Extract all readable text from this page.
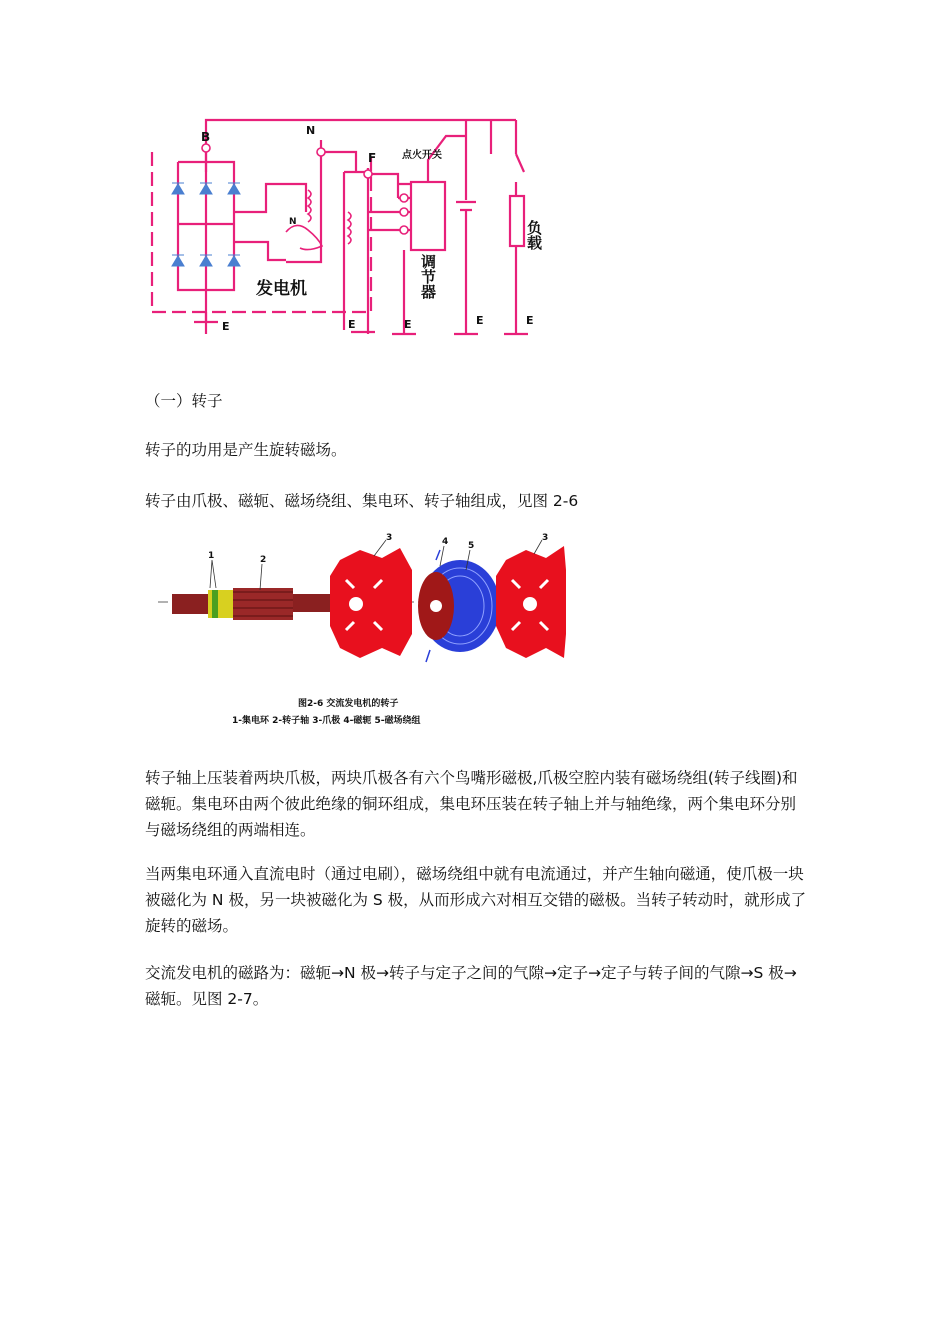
B	N
N
F	点火开关
发电机
负载
调节器
E	E	E	E	E
（一）转子
转子的功用是产生旋转磁场。
转子由爪极、磁轭、磁场绕组、集电环、转子轴组成，见图 2-6
1	2
3	4 5
3
图2-6 交流发电机的转子
1-集电环 2-转子轴 3-爪极 4-磁轭 5-磁场绕组
转子轴上压装着两块爪极，两块爪极各有六个鸟嘴形磁极,爪极空腔内装有磁场绕组(转子线圈)和磁轭。集电环由两个彼此绝缘的铜环组成，集电环压装在转子轴上并与轴绝缘，两个集电环分别与磁场绕组的两端相连。
当两集电环通入直流电时（通过电刷），磁场绕组中就有电流通过，并产生轴向磁通，使爪极一块被磁化为 N 极，另一块被磁化为 S 极，从而形成六对相互交错的磁极。当转子转动时，就形成了旋转的磁场。
交流发电机的磁路为：磁轭→N 极→转子与定子之间的气隙→定子→定子与转子间的气隙→S 极→磁轭。见图 2-7。
